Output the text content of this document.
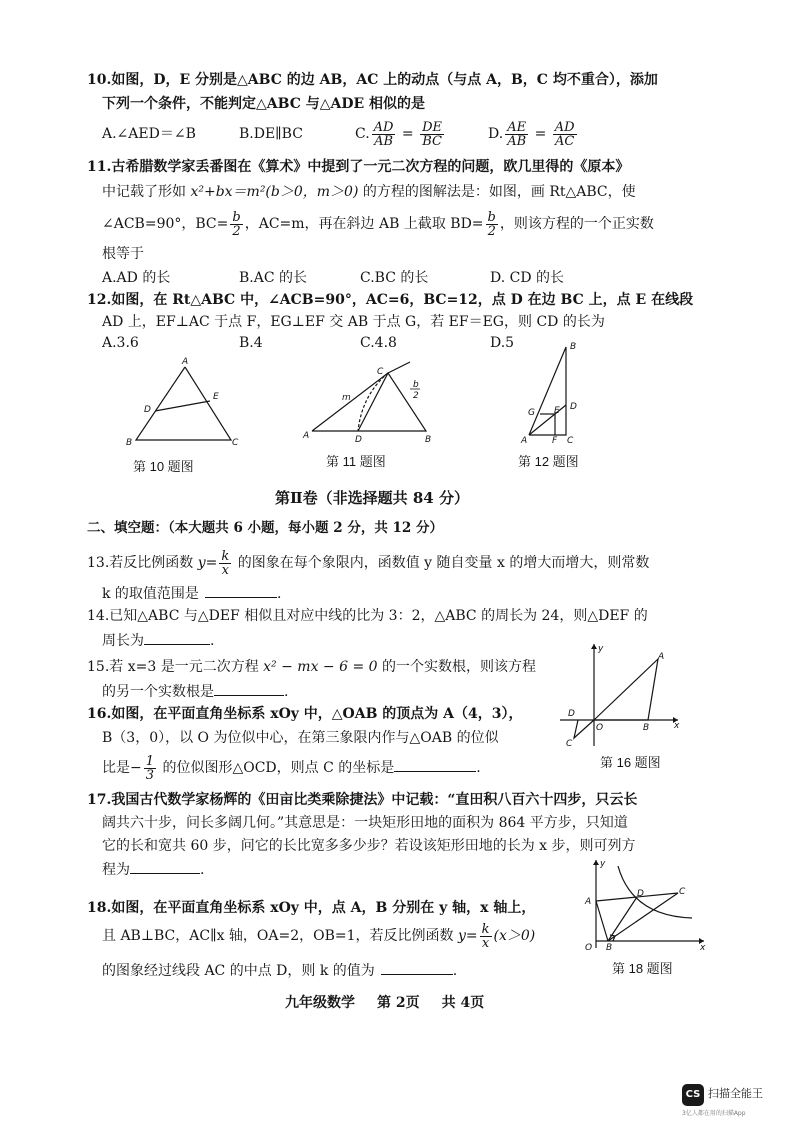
10.如图，D，E 分别是△ABC 的边 AB，AC 上的动点（与点 A，B，C 均不重合），添加
下列一个条件，不能判定△ABC 与△ADE 相似的是
A.∠AED＝∠B	B.DE∥BC	C. $\frac{AD}{AB} = \frac{DE}{BC}$	D. $\frac{AE}{AB} = \frac{AD}{AC}$
11.古希腊数学家丢番图在《算术》中提到了一元二次方程的问题，欧几里得的《原本》
中记载了形如 x²+bx＝m²(b＞0，m＞0) 的方程的图解法是：如图，画 Rt△ABC，使
∠ACB=90°，$BC= \frac{b}{2}$ ，AC=m，再在斜边 AB 上截取 $BD= \frac{b}{2}$ ，则该方程的一个正实数
根等于
A.AD 的长	B.AC 的长	C.BC 的长	D. CD 的长
12.如图，在 Rt△ABC 中，∠ACB=90°，AC=6，BC=12，点 D 在边 BC 上，点 E 在线段
AD 上，EF⊥AC 于点 F，EG⊥EF 交 AB 于点 G，若 EF＝EG，则 CD 的长为
A.3.6	B.4	C.4.8	D.5
A
D
E
B	C
第 10 题图
A	D	B
C
m
b
2
第 11 题图
B
D
E
G
A	F C
第 12 题图
第Ⅱ卷（非选择题共 84 分）
二、填空题：（本大题共 6 小题，每小题 2 分，共 12 分）
13.若反比例函数 $y= \frac{k}{x}$ 的图象在每个象限内，函数值 y 随自变量 x 的增大而增大，则常数
k 的取值范围是	.
14.已知△ABC 与△DEF 相似且对应中线的比为 3：2，△ABC 的周长为 24，则△DEF 的
周长为	.
15.若 x=3 是一元二次方程 x² − mx − 6 = 0 的一个实数根，则该方程
的另一个实数根是	.
16.如图，在平面直角坐标系 xOy 中，△OAB 的顶点为 A（4，3），
B（3，0），以 O 为位似中心，在第三象限内作与△OAB 的位似
比是− $\frac{1}{3}$ 的位似图形△OCD，则点 C 的坐标是	.
O
A
B
D
C
x
y
第 16 题图
17.我国古代数学家杨辉的《田亩比类乘除捷法》中记载：“直田积八百六十四步，只云长
阔共六十步，问长多阔几何。”其意思是：一块矩形田地的面积为 864 平方步，只知道
它的长和宽共 60 步，问它的长比宽多多少步？若设该矩形田地的长为 x 步，则可列方
程为	.
18.如图，在平面直角坐标系 xOy 中，点 A，B 分别在 y 轴，x 轴上，
且 AB⊥BC，AC∥x 轴，OA=2，OB=1，若反比例函数 $y= \frac{k}{x} (x>0)$
的图象经过线段 AC 的中点 D，则 k 的值为	.
A
D	C
O B	x
y
第 18 题图
九年级数学 第 2页 共 4页
CS 扫描全能王
3亿人都在用的扫描App
